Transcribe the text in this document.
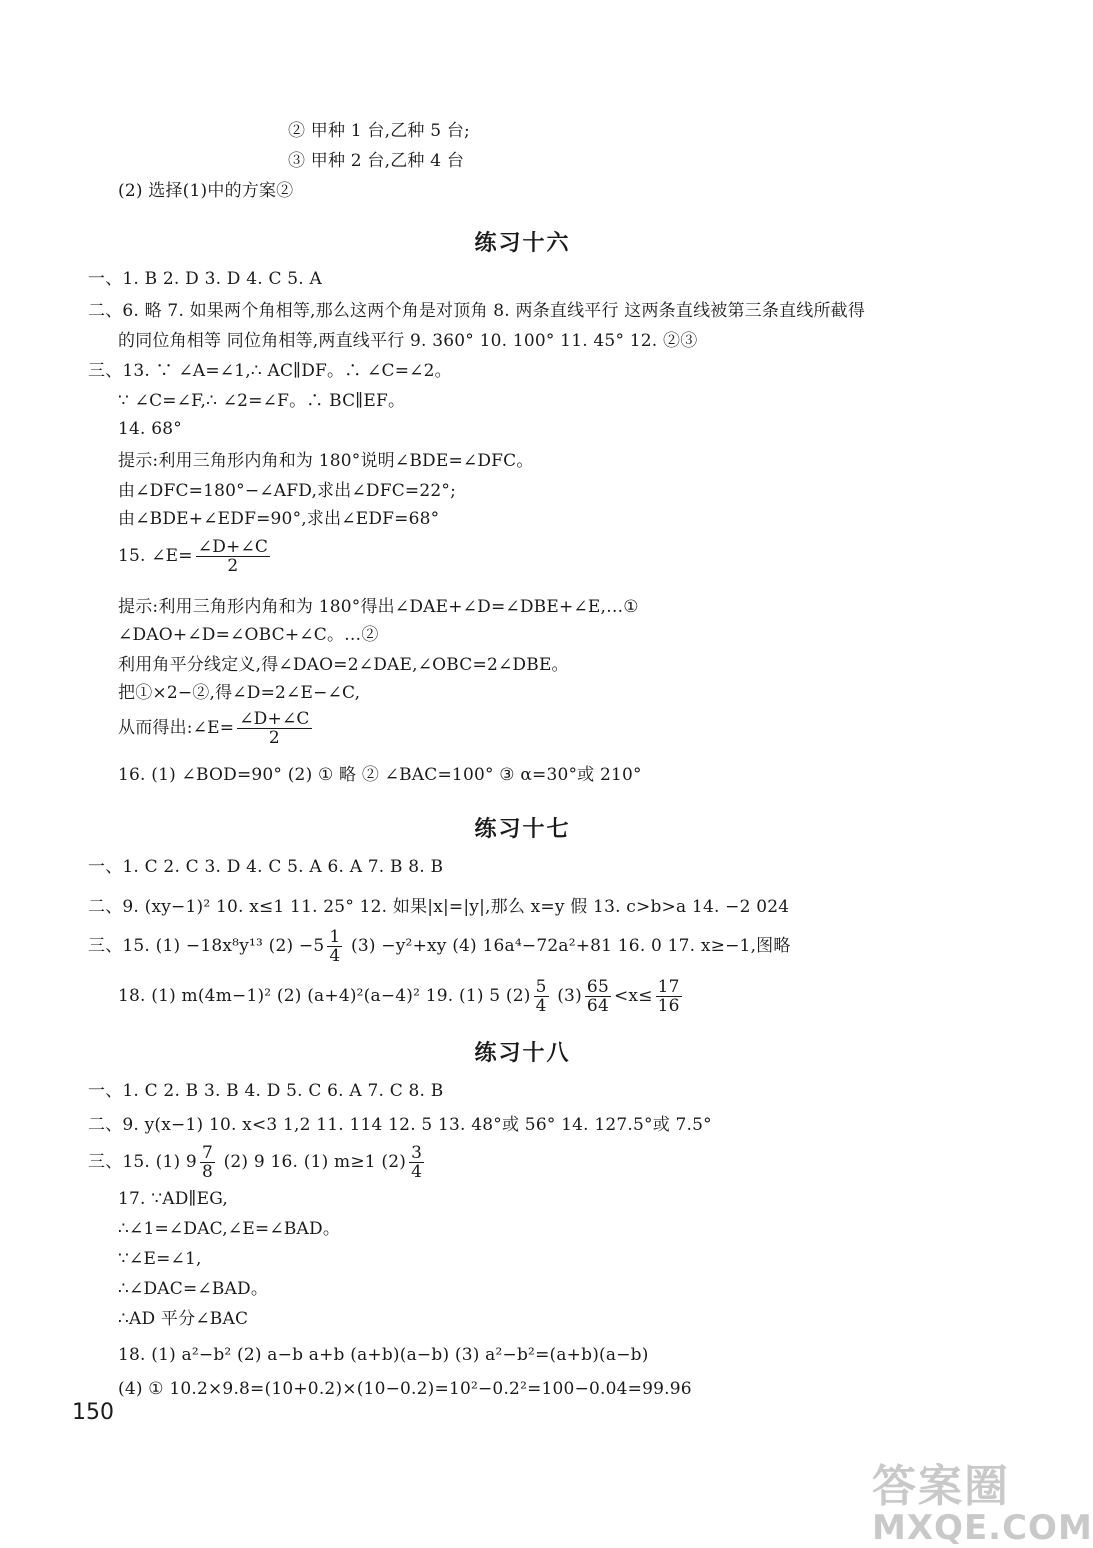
② 甲种 1 台,乙种 5 台;
③ 甲种 2 台,乙种 4 台
(2) 选择(1)中的方案②
练习十六
一、1. B 2. D 3. D 4. C 5. A
二、6. 略 7. 如果两个角相等,那么这两个角是对顶角 8. 两条直线平行 这两条直线被第三条直线所截得
的同位角相等 同位角相等,两直线平行 9. 360° 10. 100° 11. 45° 12. ②③
三、13. ∵ ∠A=∠1,∴ AC∥DF。∴ ∠C=∠2。
∵ ∠C=∠F,∴ ∠2=∠F。∴ BC∥EF。
14. 68°
提示:利用三角形内角和为 180°说明∠BDE=∠DFC。
由∠DFC=180°−∠AFD,求出∠DFC=22°;
由∠BDE+∠EDF=90°,求出∠EDF=68°
15. ∠E= $\frac{\angle D+\angle C}{2}$
提示:利用三角形内角和为 180°得出∠DAE+∠D=∠DBE+∠E,…①
∠DAO+∠D=∠OBC+∠C。…②
利用角平分线定义,得∠DAO=2∠DAE,∠OBC=2∠DBE。
把①×2−②,得∠D=2∠E−∠C,
从而得出:∠E= $\frac{\angle D+\angle C}{2}$
16. (1) ∠BOD=90° (2) ① 略 ② ∠BAC=100° ③ α=30°或 210°
练习十七
一、1. C 2. C 3. D 4. C 5. A 6. A 7. B 8. B
二、9. (xy−1)² 10. x≤1 11. 25° 12. 如果|x|=|y|,那么 x=y 假 13. c>b>a 14. −2 024
三、15. (1) −18x⁸y¹³ $(2) -5 \frac{1}{4} (3) -y^2+xy$ (4) 16a⁴−72a²+81 16. 0 17. x≥−1,图略
18. (1) m(4m−1)² (2) (a+4)²(a−4)² 19. (1) 5 $(2) \frac{5}{4} (3) \frac{65}{64} <x\le \frac{17}{16}$
练习十八
一、1. C 2. B 3. B 4. D 5. C 6. A 7. C 8. B
二、9. y(x−1) 10. x<3 1,2 11. 114 12. 5 13. 48°或 56° 14. 127.5°或 7.5°
三、15. (1) $9 \frac{7}{8} (2)$ 9 16. (1) m≥1 $(2) \frac{3}{4}$
17. ∵AD∥EG,
∴∠1=∠DAC,∠E=∠BAD。
∵∠E=∠1,
∴∠DAC=∠BAD。
∴AD 平分∠BAC
18. (1) a²−b² (2) a−b a+b (a+b)(a−b) (3) a²−b²=(a+b)(a−b)
(4) ① 10.2×9.8=(10+0.2)×(10−0.2)=10²−0.2²=100−0.04=99.96
150
答案圈
MXQE.COM
